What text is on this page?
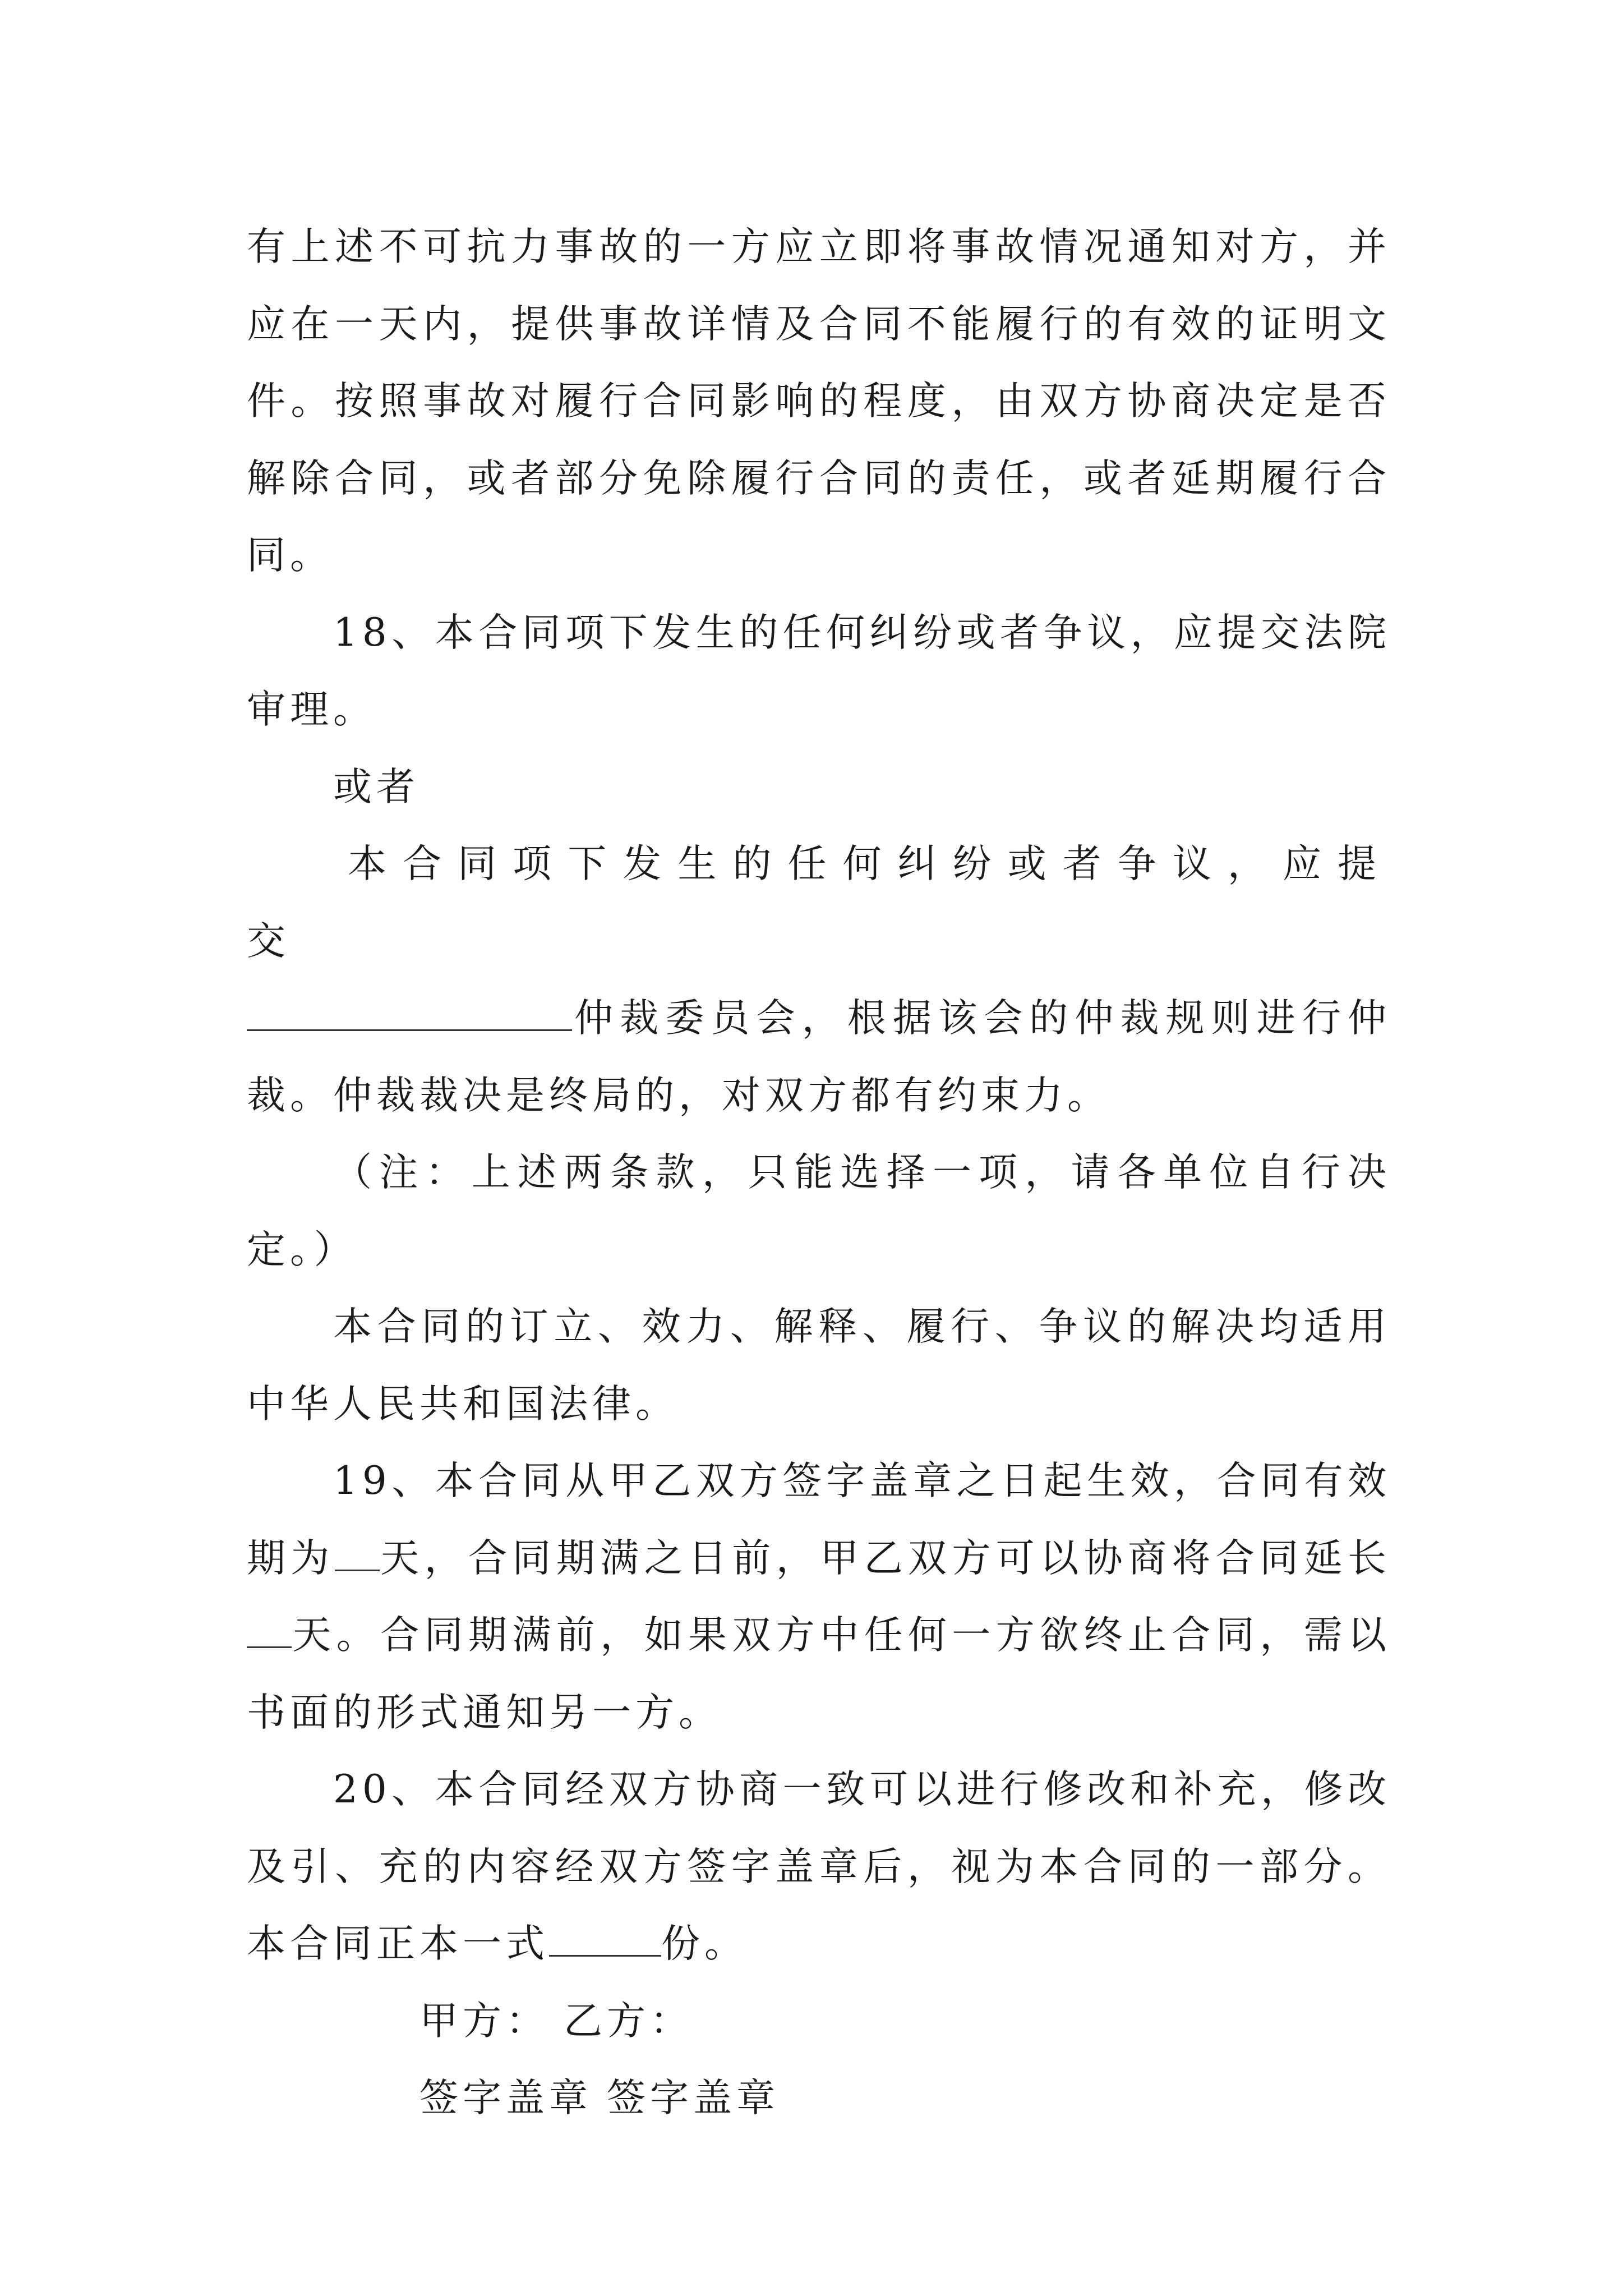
有上述不可抗力事故的一方应立即将事故情况通知对方，并应在一天内，提供事故详情及合同不能履行的有效的证明文件。按照事故对履行合同影响的程度，由双方协商决定是否解除合同，或者部分免除履行合同的责任，或者延期履行合同。

18、本合同项下发生的任何纠纷或者争议，应提交法院审理。

或者

本合同项下发生的任何纠纷或者争议，应提交
仲裁委员会，根据该会的仲裁规则进行仲裁。仲裁裁决是终局的，对双方都有约束力。

（注：上述两条款，只能选择一项，请各单位自行决定。）

本合同的订立、效力、解释、履行、争议的解决均适用中华人民共和国法律。

19、本合同从甲乙双方签字盖章之日起生效，合同有效期为 天，合同期满之日前，甲乙双方可以协商将合同延长天。合同期满前，如果双方中任何一方欲终止合同，需以书面的形式通知另一方。

20、本合同经双方协商一致可以进行修改和补充，修改及引、充的内容经双方签字盖章后，视为本合同的一部分。本合同正本一式	份。

甲方： 乙方：

签字盖章 签字盖章
